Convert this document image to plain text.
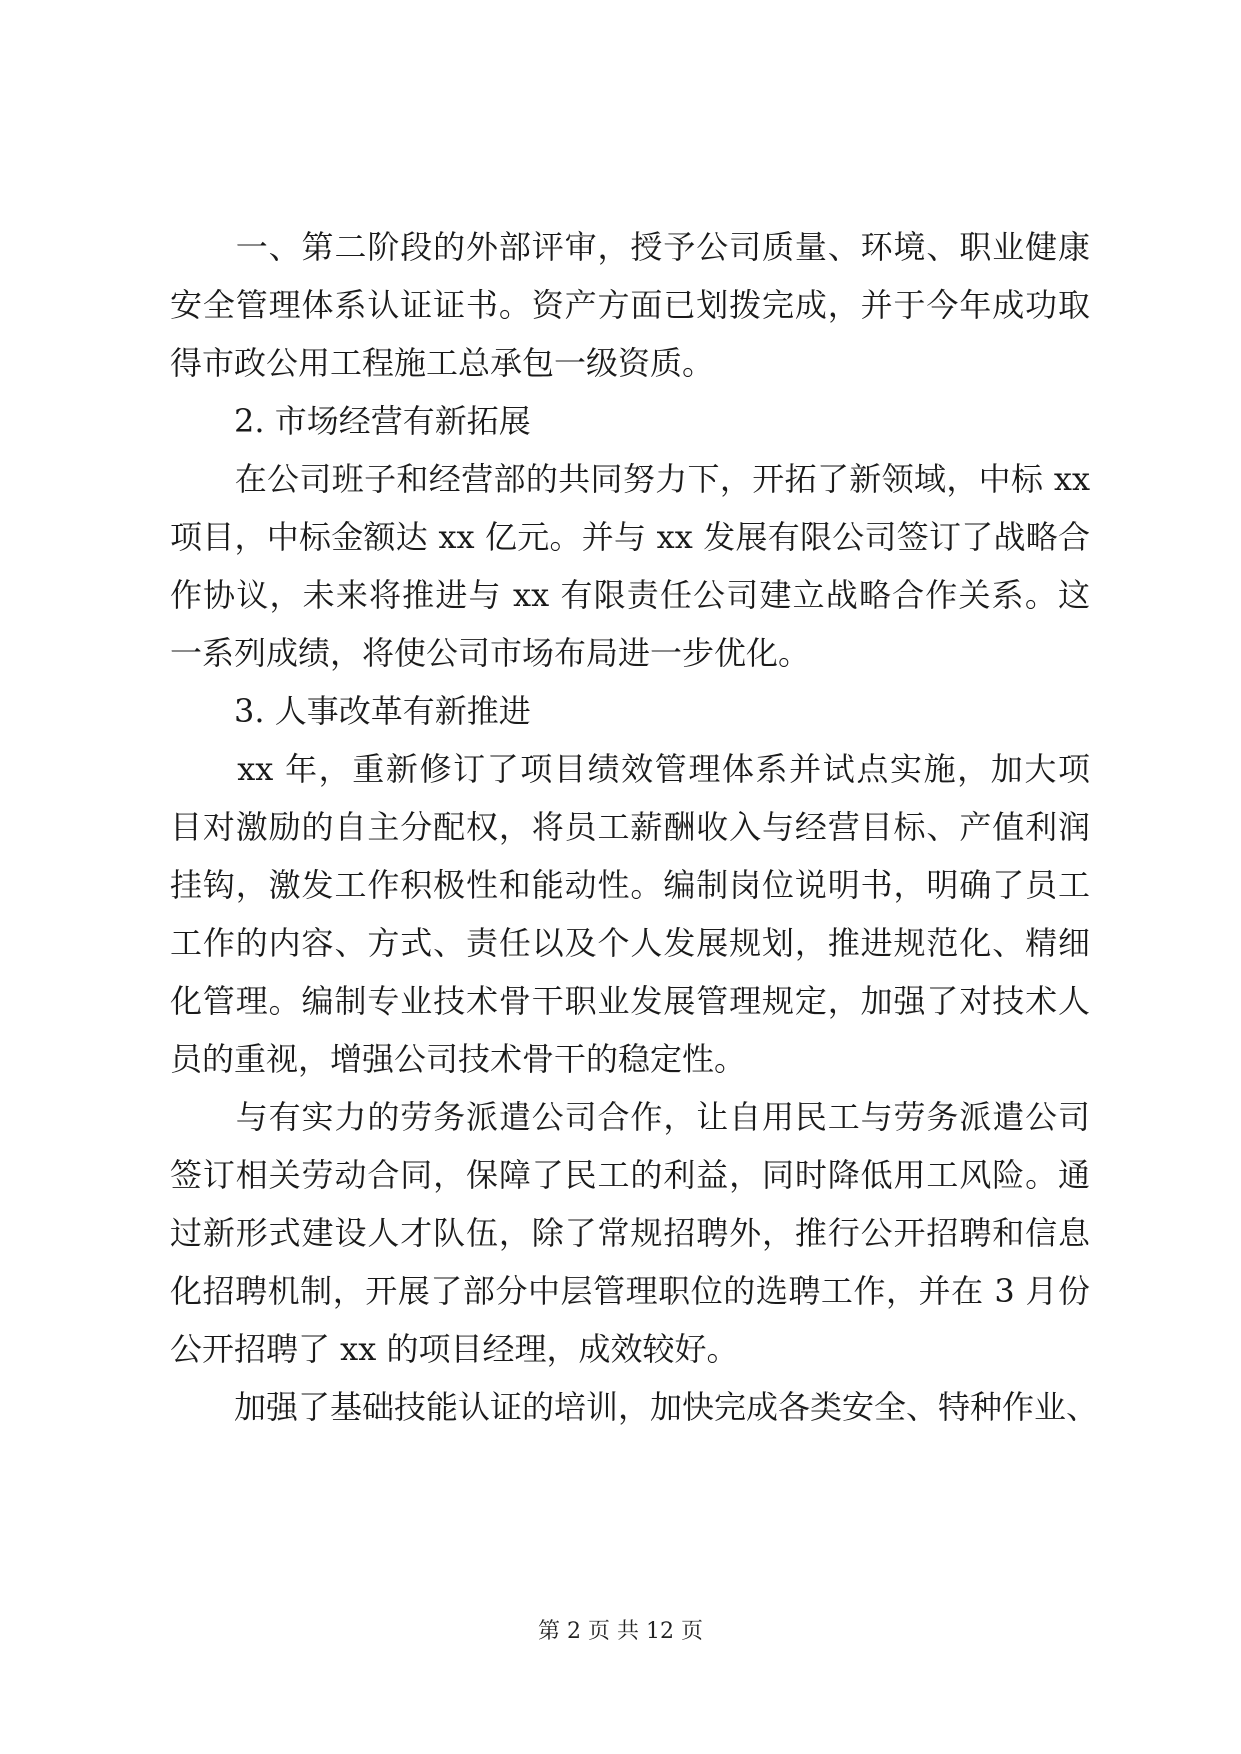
　　一、第二阶段的外部评审，授予公司质量、环境、职业健康
安全管理体系认证证书。资产方面已划拨完成，并于今年成功取
得市政公用工程施工总承包一级资质。
　　2. 市场经营有新拓展
　　在公司班子和经营部的共同努力下，开拓了新领域，中标 xx
项目，中标金额达 xx 亿元。并与 xx 发展有限公司签订了战略合
作协议，未来将推进与 xx 有限责任公司建立战略合作关系。这
一系列成绩，将使公司市场布局进一步优化。
　　3. 人事改革有新推进
　　xx 年，重新修订了项目绩效管理体系并试点实施，加大项
目对激励的自主分配权，将员工薪酬收入与经营目标、产值利润
挂钩，激发工作积极性和能动性。编制岗位说明书，明确了员工
工作的内容、方式、责任以及个人发展规划，推进规范化、精细
化管理。编制专业技术骨干职业发展管理规定，加强了对技术人
员的重视，增强公司技术骨干的稳定性。
　　与有实力的劳务派遣公司合作，让自用民工与劳务派遣公司
签订相关劳动合同，保障了民工的利益，同时降低用工风险。通
过新形式建设人才队伍，除了常规招聘外，推行公开招聘和信息
化招聘机制，开展了部分中层管理职位的选聘工作，并在 3 月份
公开招聘了 xx 的项目经理，成效较好。
　　加强了基础技能认证的培训，加快完成各类安全、特种作业、
第 2 页 共 12 页
